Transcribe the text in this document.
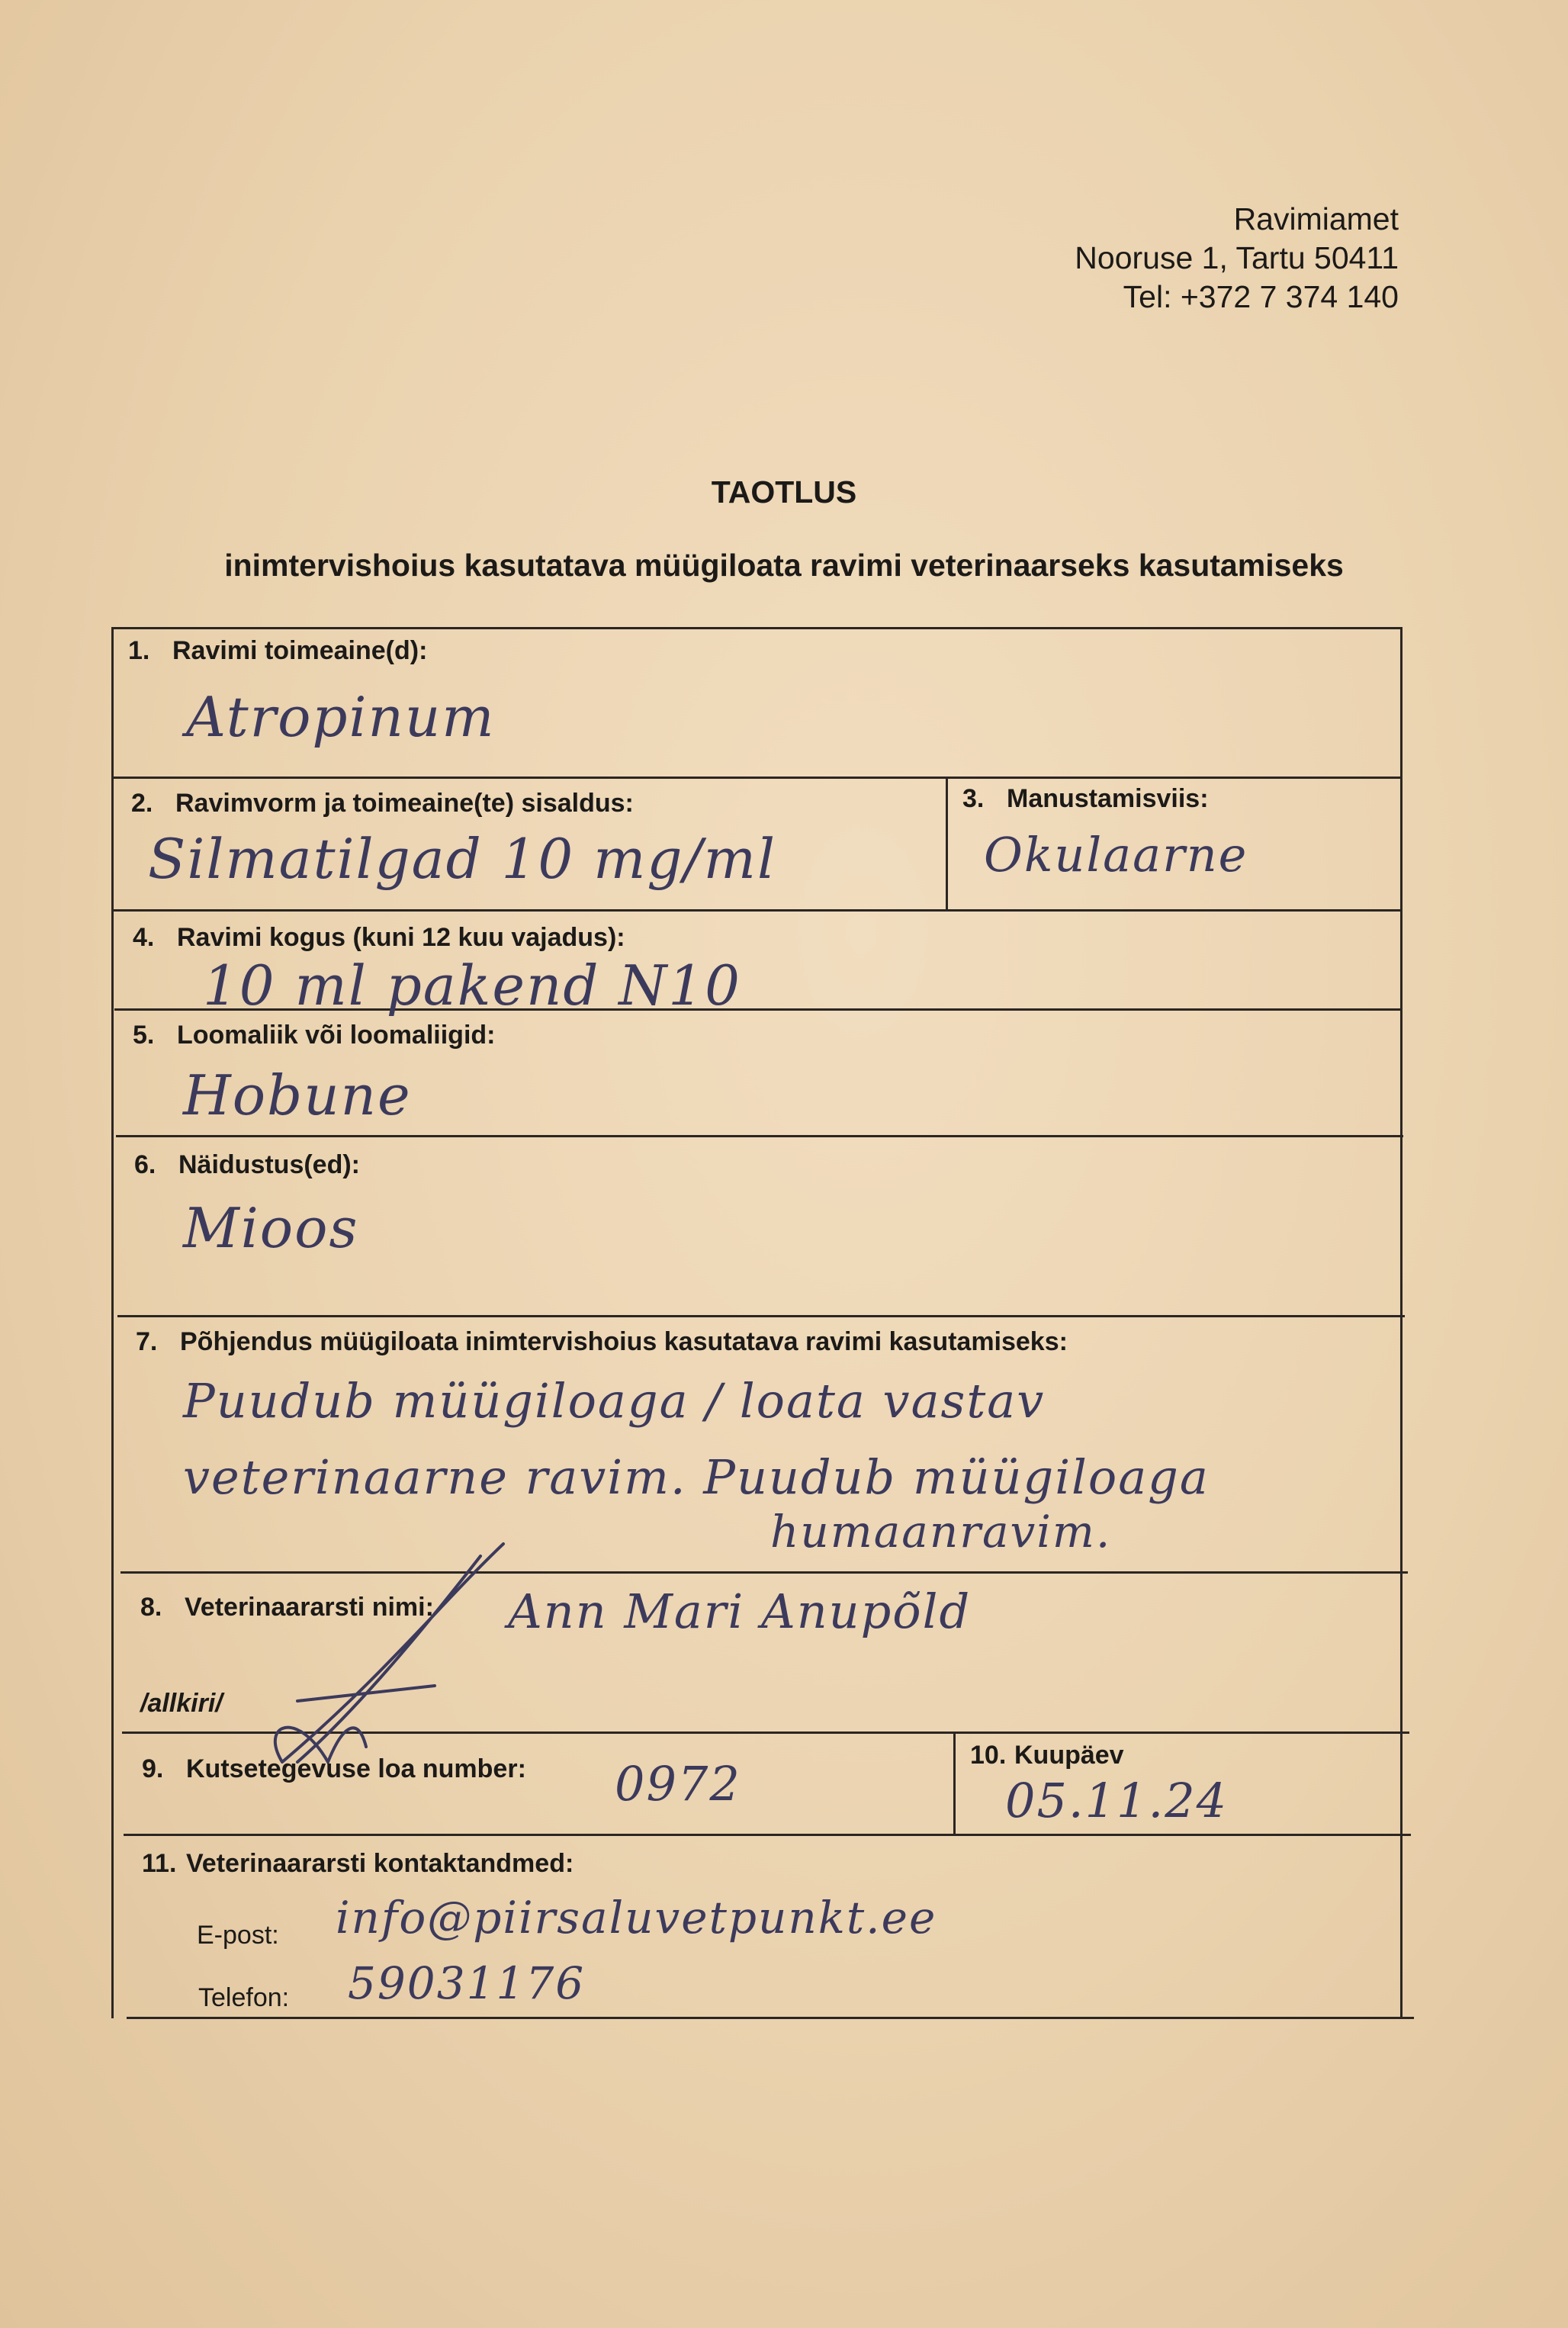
Ravimiamet
Nooruse 1, Tartu 50411
Tel: +372 7 374 140
TAOTLUS
inimtervishoius kasutatava müügiloata ravimi veterinaarseks kasutamiseks
1. Ravimi toimeaine(d):
Atropinum
2. Ravimvorm ja toimeaine(te) sisaldus:
Silmatilgad 10 mg/ml
3. Manustamisviis:
Okulaarne
4. Ravimi kogus (kuni 12 kuu vajadus):
10 ml pakend N10
5. Loomaliik või loomaliigid:
Hobune
6. Näidustus(ed):
Mioos
7. Põhjendus müügiloata inimtervishoius kasutatava ravimi kasutamiseks:
Puudub müügiloaga / loata vastav
veterinaarne ravim. Puudub müügiloaga
humaanravim.
8. Veterinaararsti nimi: Ann Mari Anupõld
/allkiri/
9. Kutsetegevuse loa number: 0972
10. Kuupäev
05.11.24
11. Veterinaararsti kontaktandmed:
E-post: info@piirsaluvetpunkt.ee
Telefon: 59031176
